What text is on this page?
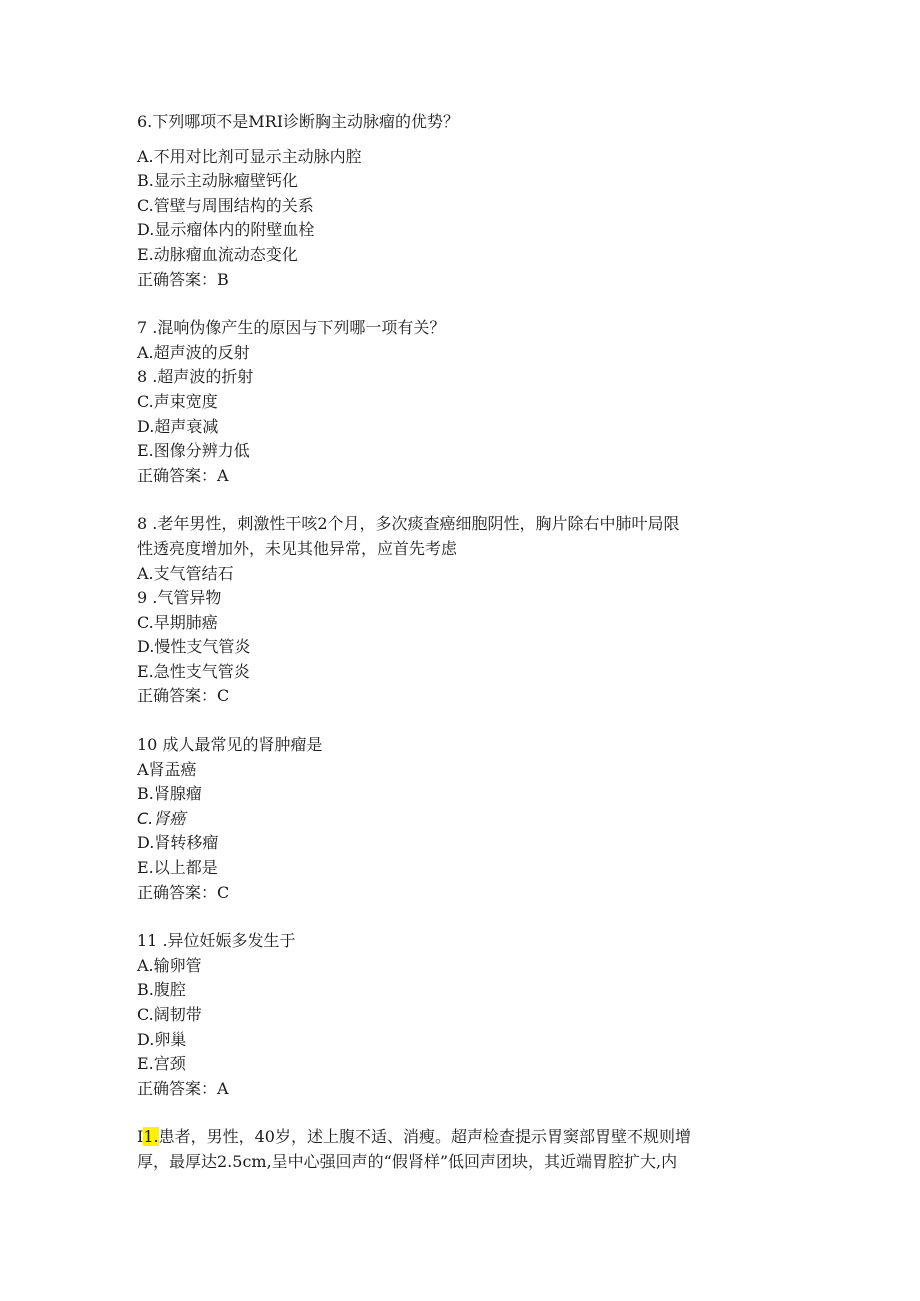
6.下列哪项不是MRI诊断胸主动脉瘤的优势？
A.不用对比剂可显示主动脉内腔
B.显示主动脉瘤壁钙化
C.管壁与周围结构的关系
D.显示瘤体内的附壁血栓
E.动脉瘤血流动态变化
正确答案：B
7 .混响伪像产生的原因与下列哪一项有关？
A.超声波的反射
8 .超声波的折射
C.声束宽度
D.超声衰减
E.图像分辨力低
正确答案：A
8 .老年男性，刺激性干咳2个月，多次痰查癌细胞阴性，胸片除右中肺叶局限
性透亮度增加外，未见其他异常，应首先考虑
A.支气管结石
9 .气管异物
C.早期肺癌
D.慢性支气管炎
E.急性支气管炎
正确答案：C
10 成人最常见的肾肿瘤是
A肾盂癌
B.肾腺瘤
C.肾癌
D.肾转移瘤
E.以上都是
正确答案：C
11 .异位妊娠多发生于
A.输卵管
B.腹腔
C.阔韧带
D.卵巢
E.宫颈
正确答案：A
I1.患者，男性，40岁，述上腹不适、消瘦。超声检查提示胃窦部胃壁不规则增
厚，最厚达2.5cm,呈中心强回声的“假肾样”低回声团块，其近端胃腔扩大,内
